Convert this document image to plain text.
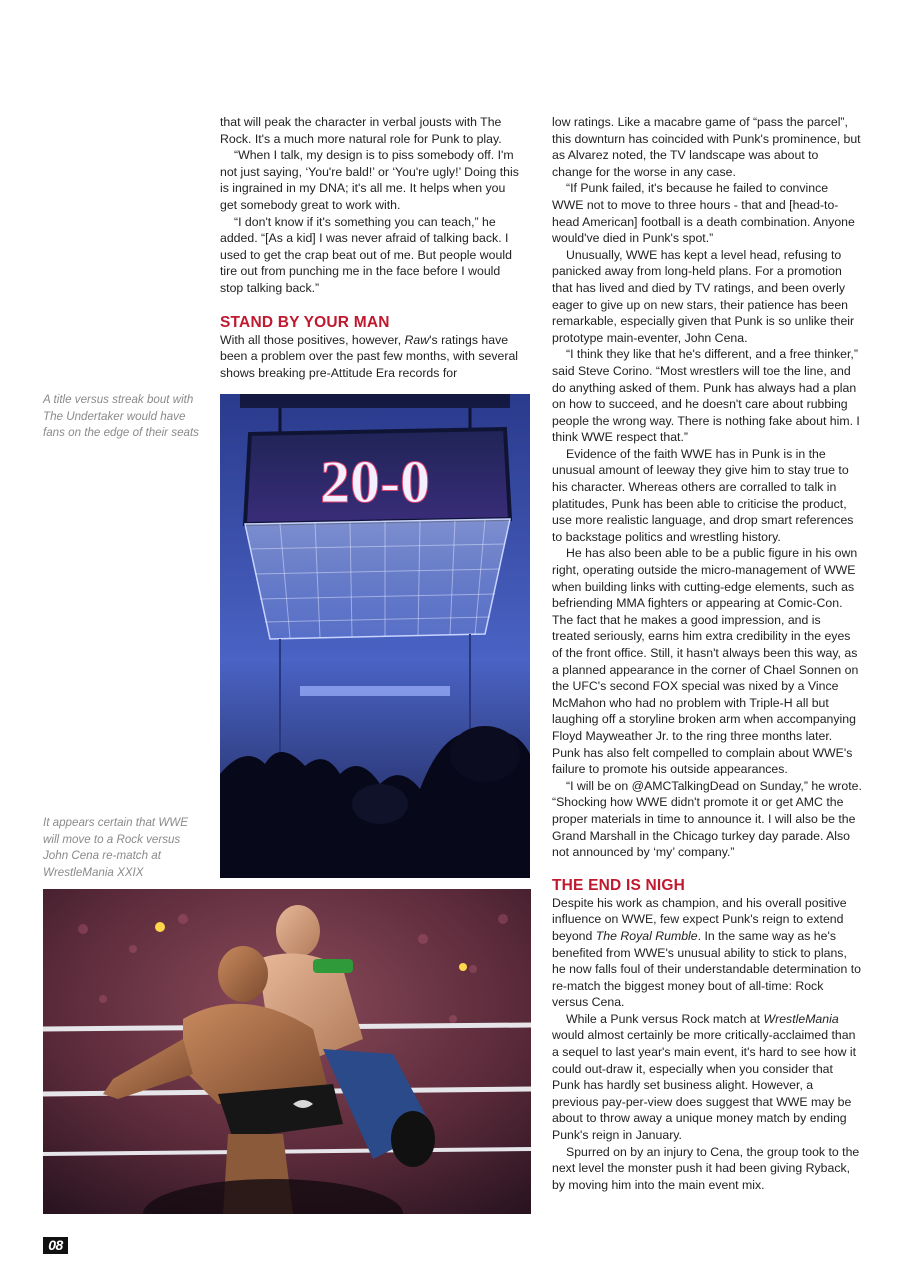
that will peak the character in verbal jousts with The Rock. It's a much more natural role for Punk to play.

“When I talk, my design is to piss somebody off. I'm not just saying, ‘You're bald!’ or ‘You're ugly!’ Doing this is ingrained in my DNA; it's all me. It helps when you get somebody great to work with.

“I don't know if it's something you can teach,” he added. “[As a kid] I was never afraid of talking back. I used to get the crap beat out of me. But people would tire out from punching me in the face before I would stop talking back.”

STAND BY YOUR MAN

With all those positives, however, Raw's ratings have been a problem over the past few months, with several shows breaking pre-Attitude Era records for

A title versus streak bout with The Undertaker would have fans on the edge of their seats
It appears certain that WWE will move to a Rock versus John Cena re-match at WrestleMania XXIX
20-0

low ratings. Like a macabre game of “pass the parcel”, this downturn has coincided with Punk's prominence, but as Alvarez noted, the TV landscape was about to change for the worse in any case.

“If Punk failed, it's because he failed to convince WWE not to move to three hours - that and [head-to-head American] football is a death combination. Anyone would've died in Punk's spot.”

Unusually, WWE has kept a level head, refusing to panicked away from long-held plans. For a promotion that has lived and died by TV ratings, and been overly eager to give up on new stars, their patience has been remarkable, especially given that Punk is so unlike their prototype main-eventer, John Cena.

“I think they like that he's different, and a free thinker,” said Steve Corino. “Most wrestlers will toe the line, and do anything asked of them. Punk has always had a plan on how to succeed, and he doesn't care about rubbing people the wrong way. There is nothing fake about him. I think WWE respect that.”

Evidence of the faith WWE has in Punk is in the unusual amount of leeway they give him to stay true to his character. Whereas others are corralled to talk in platitudes, Punk has been able to criticise the product, use more realistic language, and drop smart references to backstage politics and wrestling history.

He has also been able to be a public figure in his own right, operating outside the micro-management of WWE when building links with cutting-edge elements, such as befriending MMA fighters or appearing at Comic-Con. The fact that he makes a good impression, and is treated seriously, earns him extra credibility in the eyes of the front office. Still, it hasn't always been this way, as a planned appearance in the corner of Chael Sonnen on the UFC's second FOX special was nixed by a Vince McMahon who had no problem with Triple-H all but laughing off a storyline broken arm when accompanying Floyd Mayweather Jr. to the ring three months later. Punk has also felt compelled to complain about WWE's failure to promote his outside appearances.

“I will be on @AMCTalkingDead on Sunday,” he wrote. “Shocking how WWE didn't promote it or get AMC the proper materials in time to announce it. I will also be the Grand Marshall in the Chicago turkey day parade. Also not announced by ‘my’ company.”

THE END IS NIGH

Despite his work as champion, and his overall positive influence on WWE, few expect Punk's reign to extend beyond The Royal Rumble. In the same way as he's benefited from WWE's unusual ability to stick to plans, he now falls foul of their understandable determination to re-match the biggest money bout of all-time: Rock versus Cena.

While a Punk versus Rock match at WrestleMania would almost certainly be more critically-acclaimed than a sequel to last year's main event, it's hard to see how it could out-draw it, especially when you consider that Punk has hardly set business alight. However, a previous pay-per-view does suggest that WWE may be about to throw away a unique money match by ending Punk's reign in January.

Spurred on by an injury to Cena, the group took to the next level the monster push it had been giving Ryback, by moving him into the main event mix.

08
